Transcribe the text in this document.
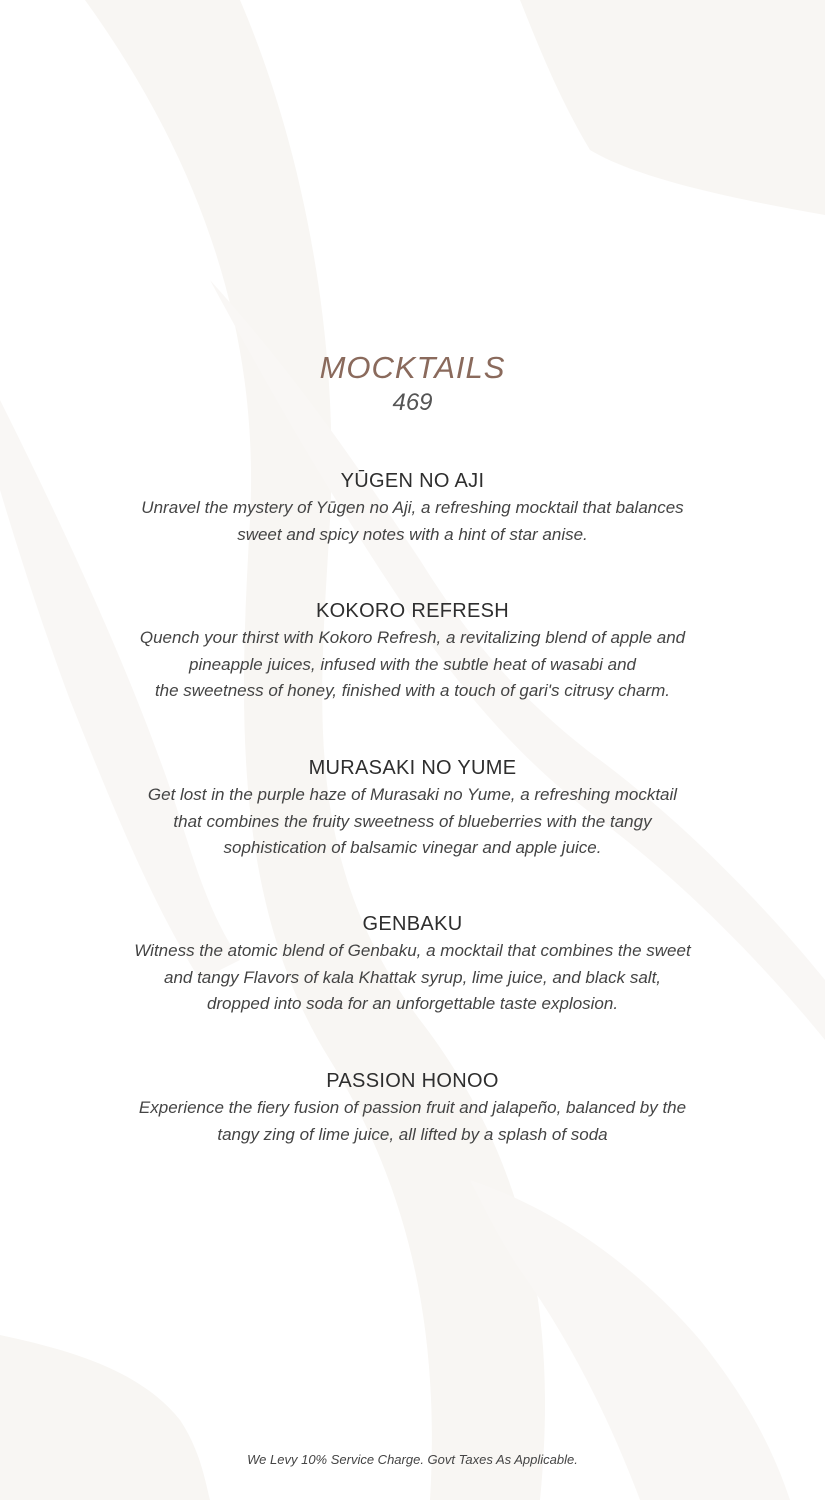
MOCKTAILS
469
YŪGEN NO AJI
Unravel the mystery of Yūgen no Aji, a refreshing mocktail that balances
sweet and spicy notes with a hint of star anise.
KOKORO REFRESH
Quench your thirst with Kokoro Refresh, a revitalizing blend of apple and
pineapple juices, infused with the subtle heat of wasabi and
the sweetness of honey, finished with a touch of gari's citrusy charm.
MURASAKI NO YUME
Get lost in the purple haze of Murasaki no Yume, a refreshing mocktail
that combines the fruity sweetness of blueberries with the tangy
sophistication of balsamic vinegar and apple juice.
GENBAKU
Witness the atomic blend of Genbaku, a mocktail that combines the sweet
and tangy Flavors of kala Khattak syrup, lime juice, and black salt,
dropped into soda for an unforgettable taste explosion.
PASSION HONOO
Experience the fiery fusion of passion fruit and jalapeño, balanced by the
tangy zing of lime juice, all lifted by a splash of soda
We Levy 10% Service Charge. Govt Taxes As Applicable.
